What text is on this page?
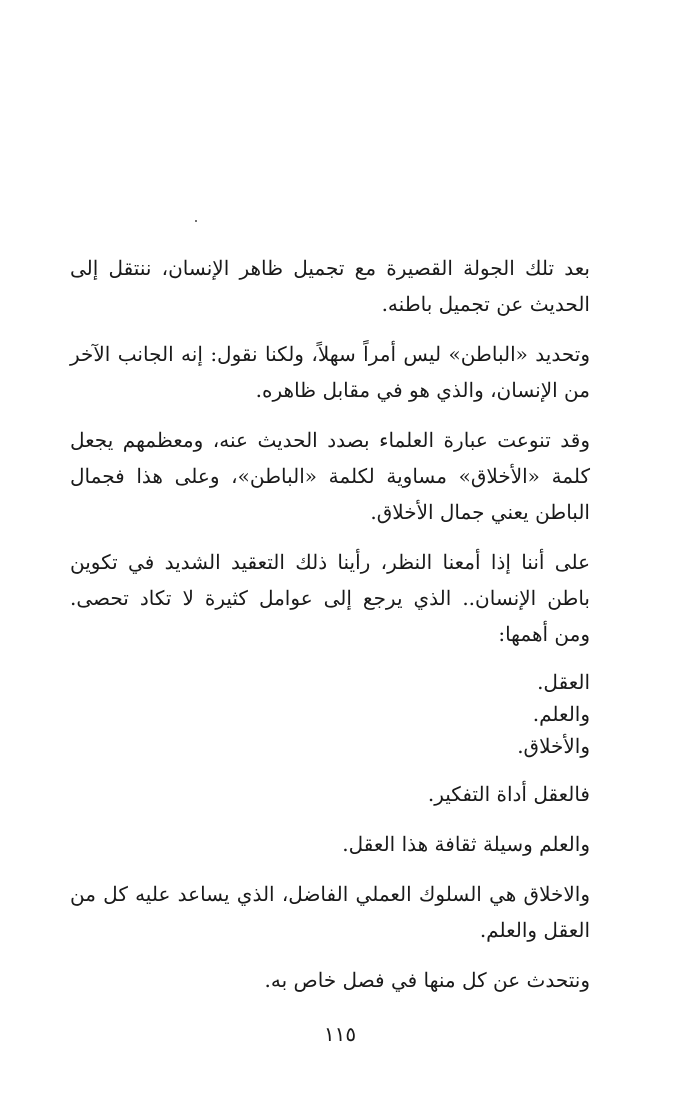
بعد تلك الجولة القصيرة مع تجميل ظاهر الإنسان، ننتقل إلى الحديث عن تجميل باطنه.

وتحديد «الباطن» ليس أمراً سهلاً، ولكنا نقول: إنه الجانب الآخر من الإنسان، والذي هو في مقابل ظاهره.

وقد تنوعت عبارة العلماء بصدد الحديث عنه، ومعظمهم يجعل كلمة «الأخلاق» مساوية لكلمة «الباطن»، وعلى هذا فجمال الباطن يعني جمال الأخلاق.

على أننا إذا أمعنا النظر، رأينا ذلك التعقيد الشديد في تكوين باطن الإنسان.. الذي يرجع إلى عوامل كثيرة لا تكاد تحصى. ومن أهمها:

العقل.
والعلم.
والأخلاق.

فالعقل أداة التفكير.

والعلم وسيلة ثقافة هذا العقل.

والاخلاق هي السلوك العملي الفاضل، الذي يساعد عليه كل من العقل والعلم.

ونتحدث عن كل منها في فصل خاص به.

١١٥
